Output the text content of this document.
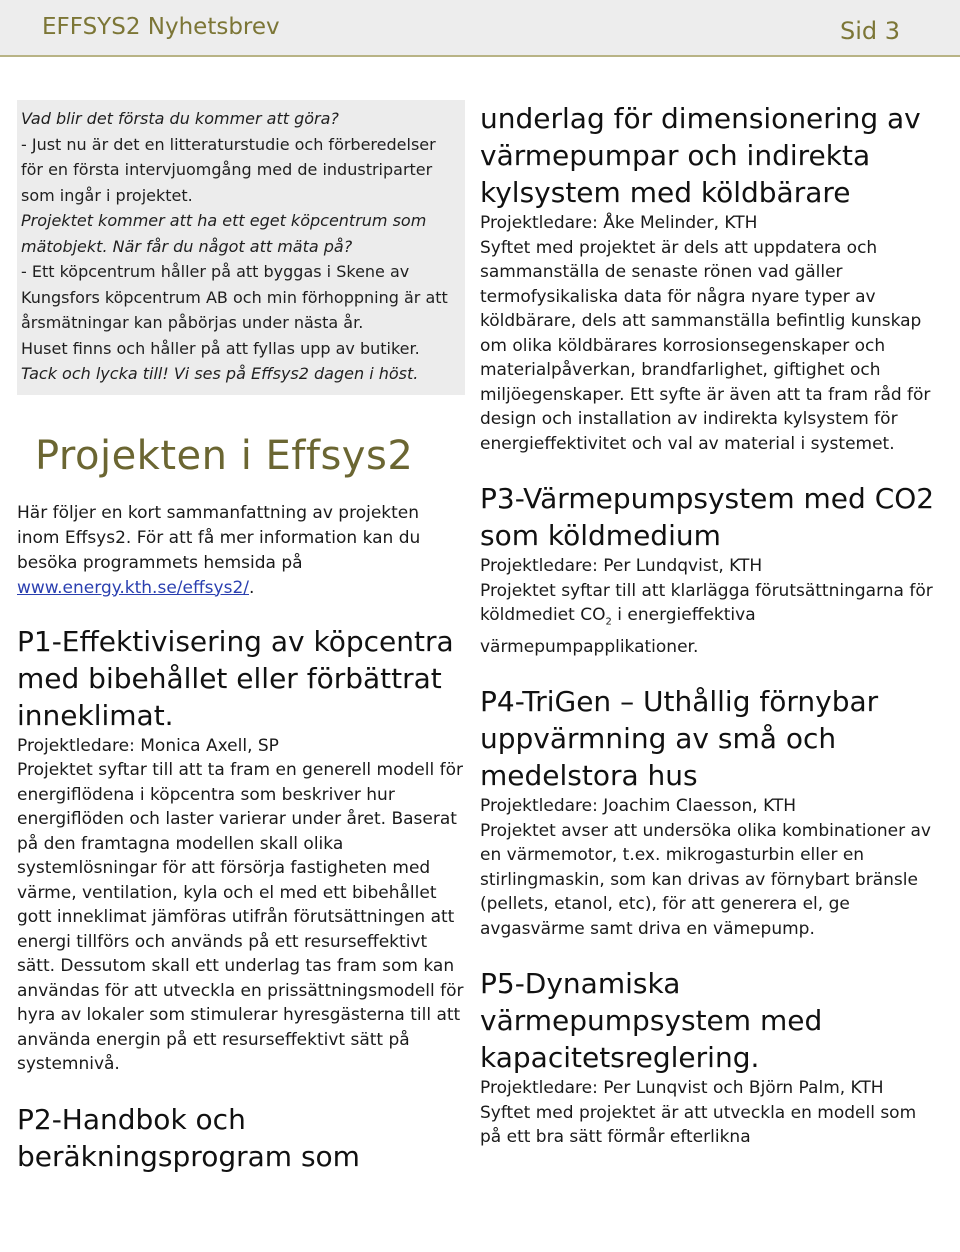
EFFSYS2 Nyhetsbrev	Sid 3

Vad blir det första du kommer att göra?

- Just nu är det en litteraturstudie och förberedelser för en första intervjuomgång med de industriparter som ingår i projektet.

Projektet kommer att ha ett eget köpcentrum som mätobjekt. När får du något att mäta på?

- Ett köpcentrum håller på att byggas i Skene av Kungsfors köpcentrum AB och min förhoppning är att årsmätningar kan påbörjas under nästa år.

Huset finns och håller på att fyllas upp av butiker.

Tack och lycka till! Vi ses på Effsys2 dagen i höst.

Projekten i Effsys2

Här följer en kort sammanfattning av projekten inom Effsys2. För att få mer information kan du besöka programmets hemsida på www.energy.kth.se/effsys2/.

P1-Effektivisering av köpcentra med bibehållet eller förbättrat inneklimat.

Projektledare: Monica Axell, SP

Projektet syftar till att ta fram en generell modell för energiflödena i köpcentra som beskriver hur energiflöden och laster varierar under året. Baserat på den framtagna modellen skall olika systemlösningar för att försörja fastigheten med värme, ventilation, kyla och el med ett bibehållet gott inneklimat jämföras utifrån förutsättningen att energi tillförs och används på ett resurseffektivt sätt. Dessutom skall ett underlag tas fram som kan användas för att utveckla en prissättningsmodell för hyra av lokaler som stimulerar hyresgästerna till att använda energin på ett resurseffektivt sätt på systemnivå.

P2-Handbok och beräkningsprogram som
underlag för dimensionering av värmepumpar och indirekta kylsystem med köldbärare

Projektledare: Åke Melinder, KTH

Syftet med projektet är dels att uppdatera och sammanställa de senaste rönen vad gäller termofysikaliska data för några nyare typer av köldbärare, dels att sammanställa befintlig kunskap om olika köldbärares korrosionsegenskaper och materialpåverkan, brandfarlighet, giftighet och miljöegenskaper. Ett syfte är även att ta fram råd för design och installation av indirekta kylsystem för energieffektivitet och val av material i systemet.

P3-Värmepumpsystem med CO2 som köldmedium

Projektledare: Per Lundqvist, KTH

Projektet syftar till att klarlägga förutsättningarna för köldmediet $CO_2$ i energieffektiva värmepumpapplikationer.

P4-TriGen – Uthållig förnybar uppvärmning av små och medelstora hus

Projektledare: Joachim Claesson, KTH

Projektet avser att undersöka olika kombinationer av en värmemotor, t.ex. mikrogasturbin eller en stirlingmaskin, som kan drivas av förnybart bränsle (pellets, etanol, etc), för att generera el, ge avgasvärme samt driva en vämepump.

P5-Dynamiska värmepumpsystem med kapacitetsreglering.

Projektledare: Per Lunqvist och Björn Palm, KTH

Syftet med projektet är att utveckla en modell som på ett bra sätt förmår efterlikna
